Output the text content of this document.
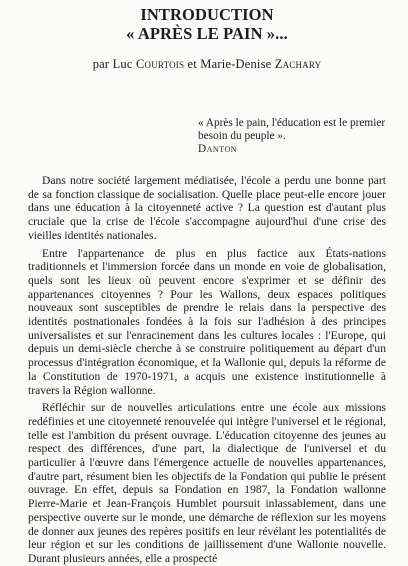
INTRODUCTION
« APRÈS LE PAIN »...
par Luc Courtois et Marie-Denise Zachary
« Après le pain, l'éducation est le premier besoin du peuple ».
Danton

Dans notre société largement médiatisée, l'école a perdu une bonne part de sa fonction classique de socialisation. Quelle place peut-elle encore jouer dans une éducation à la citoyenneté active ? La question est d'autant plus cruciale que la crise de l'école s'accompagne aujourd'hui d'une crise des vieilles identités nationales.

Entre l'appartenance de plus en plus factice aux États-nations traditionnels et l'immersion forcée dans un monde en voie de globalisation, quels sont les lieux où peuvent encore s'exprimer et se définir des appartenances citoyennes ? Pour les Wallons, deux espaces politiques nouveaux sont susceptibles de prendre le relais dans la perspective des identités postnationales fondées à la fois sur l'adhésion à des principes universalistes et sur l'enracinement dans les cultures locales : l'Europe, qui depuis un demi-siècle cherche à se construire politiquement au départ d'un processus d'intégration économique, et la Wallonie qui, depuis la réforme de la Constitution de 1970-1971, a acquis une existence institutionnelle à travers la Région wallonne.

Réfléchir sur de nouvelles articulations entre une école aux missions redéfinies et une citoyenneté renouvelée qui intègre l'universel et le régional, telle est l'ambition du présent ouvrage. L'éducation citoyenne des jeunes au respect des différences, d'une part, la dialectique de l'universel et du particulier à l'œuvre dans l'émergence actuelle de nouvelles appartenances, d'autre part, résument bien les objectifs de la Fondation qui publie le présent ouvrage. En effet, depuis sa Fondation en 1987, la Fondation wallonne Pierre-Marie et Jean-François Humblet poursuit inlassablement, dans une perspective ouverte sur le monde, une démarche de réflexion sur les moyens de donner aux jeunes des repères positifs en leur révélant les potentialités de leur région et sur les conditions de jaillissement d'une Wallonie nouvelle. Durant plusieurs années, elle a prospecté
